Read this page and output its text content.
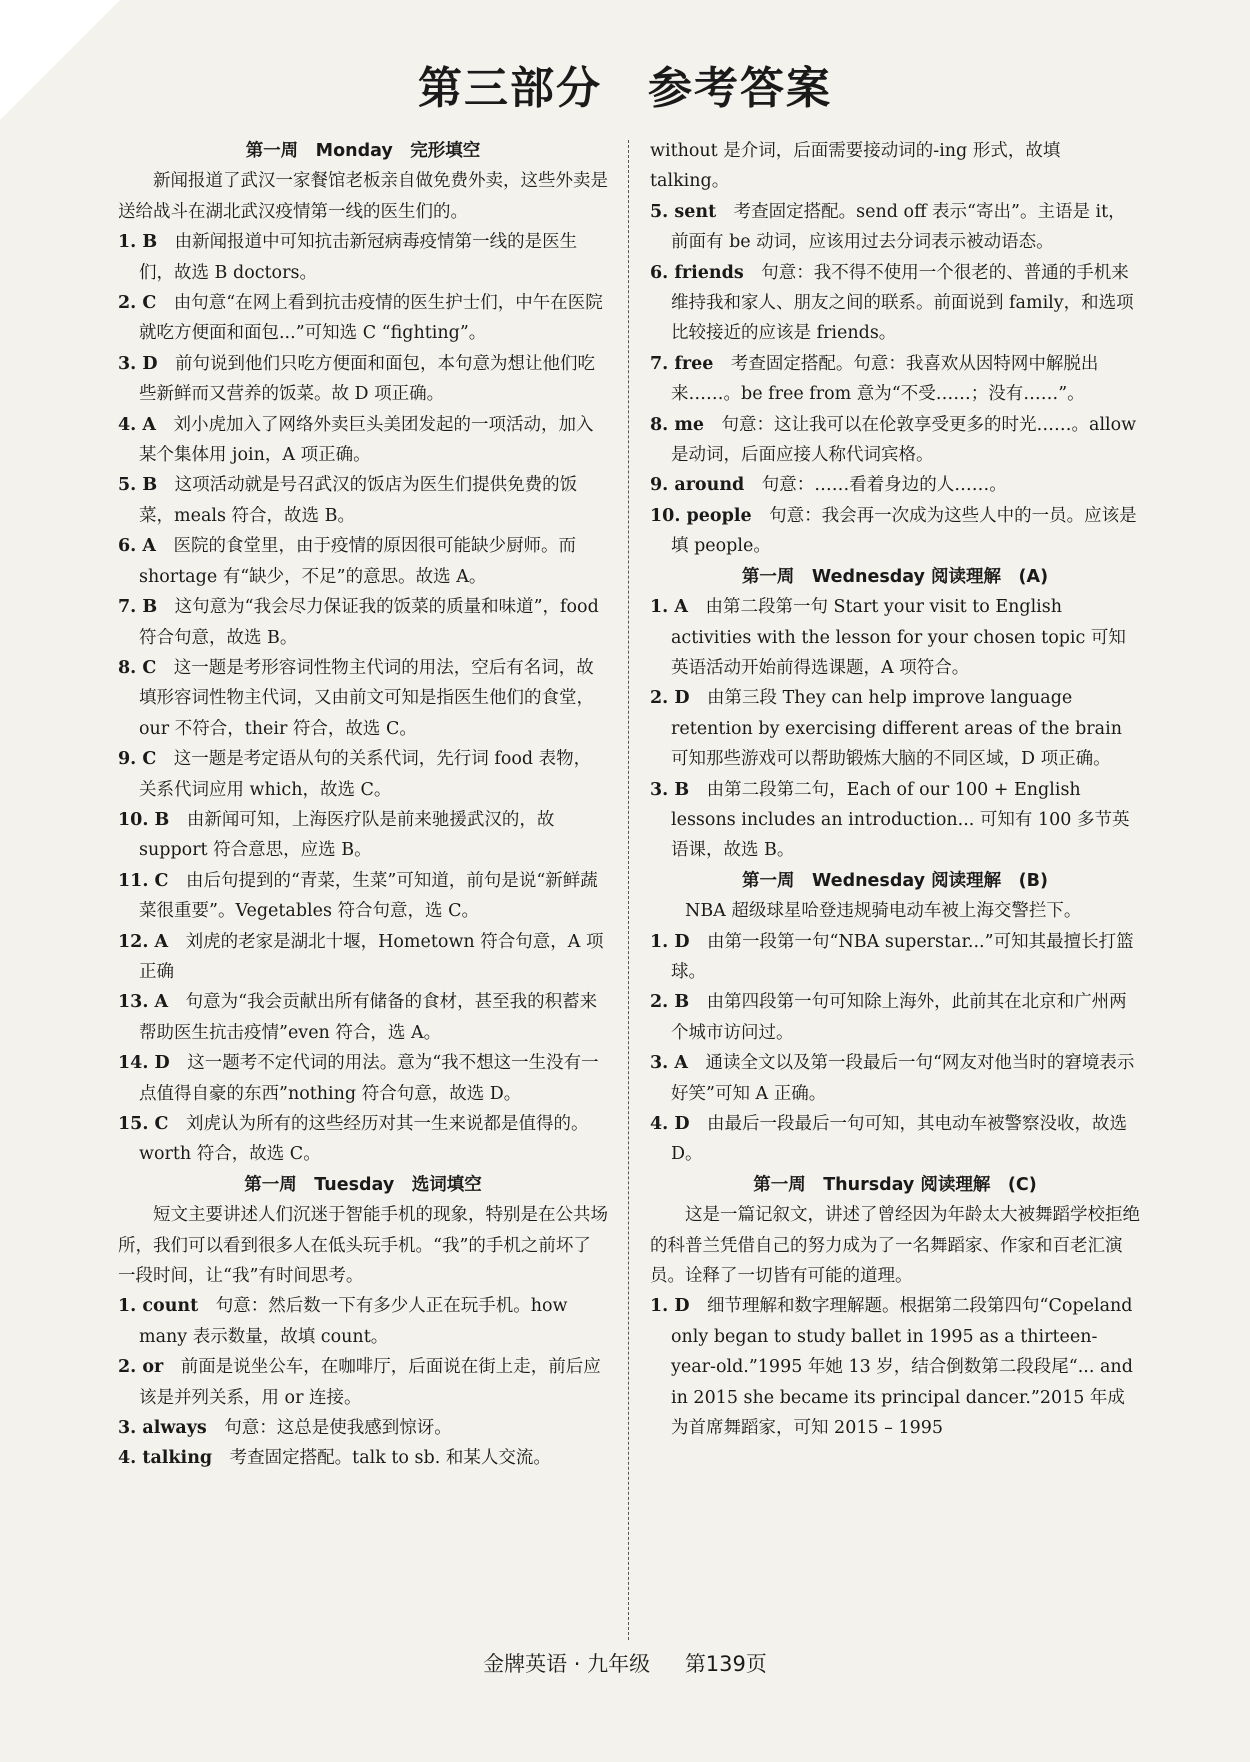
第三部分　参考答案

第一周　Monday　完形填空

新闻报道了武汉一家餐馆老板亲自做免费外卖，这些外卖是送给战斗在湖北武汉疫情第一线的医生们的。

1. B　 由新闻报道中可知抗击新冠病毒疫情第一线的是医生们，故选 B doctors。

2. C　 由句意“在网上看到抗击疫情的医生护士们，中午在医院就吃方便面和面包...”可知选 C “fighting”。

3. D　 前句说到他们只吃方便面和面包，本句意为想让他们吃些新鲜而又营养的饭菜。故 D 项正确。

4. A　 刘小虎加入了网络外卖巨头美团发起的一项活动，加入某个集体用 join，A 项正确。

5. B　 这项活动就是号召武汉的饭店为医生们提供免费的饭菜，meals 符合，故选 B。

6. A　 医院的食堂里，由于疫情的原因很可能缺少厨师。而 shortage 有“缺少，不足”的意思。故选 A。

7. B　 这句意为“我会尽力保证我的饭菜的质量和味道”，food 符合句意，故选 B。

8. C　 这一题是考形容词性物主代词的用法，空后有名词，故填形容词性物主代词，又由前文可知是指医生他们的食堂，our 不符合，their 符合，故选 C。

9. C　 这一题是考定语从句的关系代词，先行词 food 表物，关系代词应用 which，故选 C。

10. B　 由新闻可知，上海医疗队是前来驰援武汉的，故 support 符合意思，应选 B。

11. C　 由后句提到的“青菜，生菜”可知道，前句是说“新鲜蔬菜很重要”。Vegetables 符合句意，选 C。

12. A　 刘虎的老家是湖北十堰，Hometown 符合句意，A 项正确

13. A　 句意为“我会贡献出所有储备的食材，甚至我的积蓄来帮助医生抗击疫情”even 符合，选 A。

14. D　 这一题考不定代词的用法。意为“我不想这一生没有一点值得自豪的东西”nothing 符合句意，故选 D。

15. C　 刘虎认为所有的这些经历对其一生来说都是值得的。worth 符合，故选 C。

第一周　Tuesday　选词填空

短文主要讲述人们沉迷于智能手机的现象，特别是在公共场所，我们可以看到很多人在低头玩手机。“我”的手机之前坏了一段时间，让“我”有时间思考。

1. count　 句意：然后数一下有多少人正在玩手机。how many 表示数量，故填 count。

2. or　 前面是说坐公车，在咖啡厅，后面说在街上走，前后应该是并列关系，用 or 连接。

3. always　 句意：这总是使我感到惊讶。

4. talking　 考查固定搭配。talk to sb. 和某人交流。

without 是介词，后面需要接动词的-ing 形式，故填 talking。

5. sent　 考查固定搭配。send off 表示“寄出”。主语是 it，前面有 be 动词，应该用过去分词表示被动语态。

6. friends　 句意：我不得不使用一个很老的、普通的手机来维持我和家人、朋友之间的联系。前面说到 family，和选项比较接近的应该是 friends。

7. free　 考查固定搭配。句意：我喜欢从因特网中解脱出来……。be free from 意为“不受……；没有……”。

8. me　 句意：这让我可以在伦敦享受更多的时光……。allow 是动词，后面应接人称代词宾格。

9. around　 句意：……看着身边的人……。

10. people　 句意：我会再一次成为这些人中的一员。应该是填 people。

第一周　Wednesday 阅读理解　(A)

1. A　 由第二段第一句 Start your visit to English activities with the lesson for your chosen topic 可知英语活动开始前得选课题，A 项符合。

2. D　 由第三段 They can help improve language retention by exercising different areas of the brain 可知那些游戏可以帮助锻炼大脑的不同区域，D 项正确。

3. B　 由第二段第二句，Each of our 100 + English lessons includes an introduction... 可知有 100 多节英语课，故选 B。

第一周　Wednesday 阅读理解　(B)

NBA 超级球星哈登违规骑电动车被上海交警拦下。

1. D　 由第一段第一句“NBA superstar...”可知其最擅长打篮球。

2. B　 由第四段第一句可知除上海外，此前其在北京和广州两个城市访问过。

3. A　 通读全文以及第一段最后一句“网友对他当时的窘境表示好笑”可知 A 正确。

4. D　 由最后一段最后一句可知，其电动车被警察没收，故选 D。

第一周　Thursday 阅读理解　(C)

这是一篇记叙文，讲述了曾经因为年龄太大被舞蹈学校拒绝的科普兰凭借自己的努力成为了一名舞蹈家、作家和百老汇演员。诠释了一切皆有可能的道理。

1. D　 细节理解和数字理解题。根据第二段第四句“Copeland only began to study ballet in 1995 as a thirteen-year-old.”1995 年她 13 岁，结合倒数第二段段尾“... and in 2015 she became its principal dancer.”2015 年成为首席舞蹈家，可知 2015 – 1995

金牌英语 · 九年级 第139页
